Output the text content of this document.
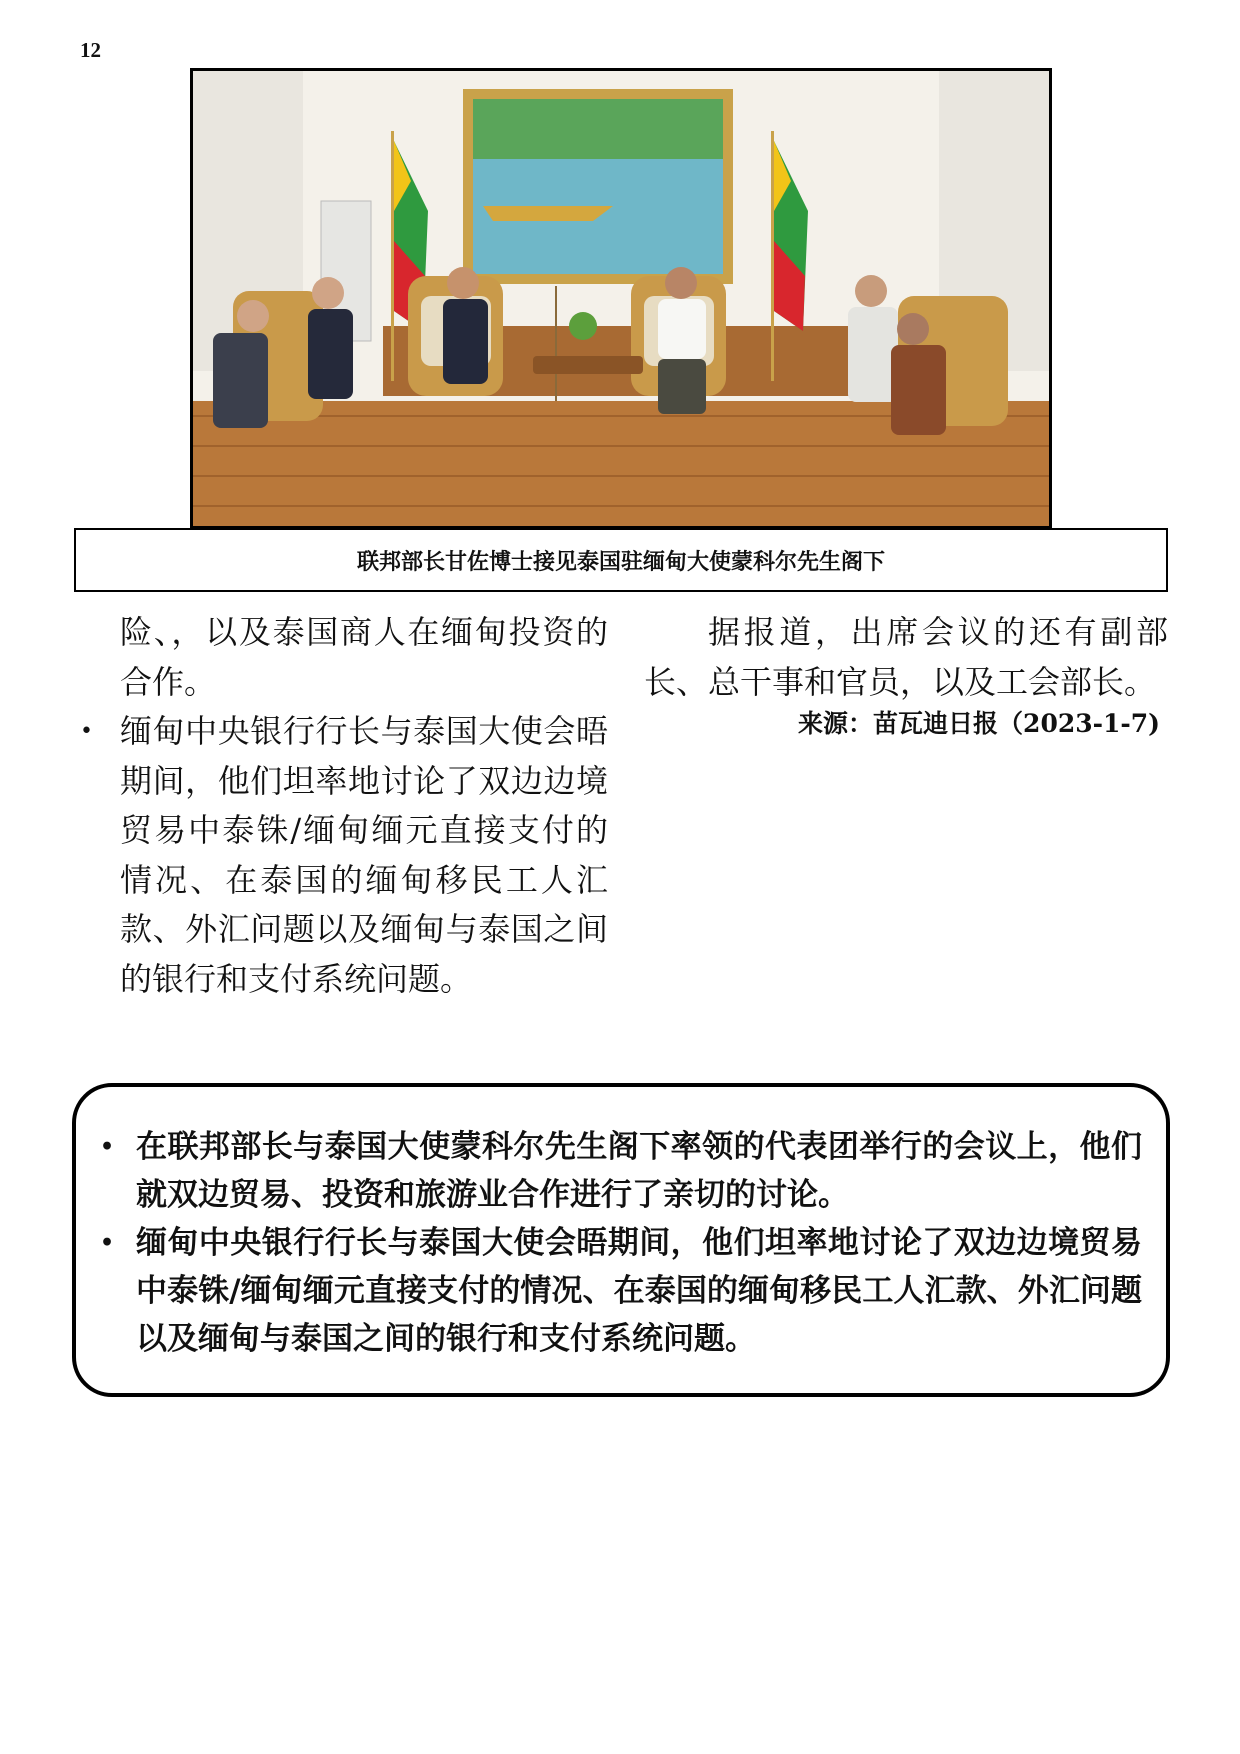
12
联邦部长甘佐博士接见泰国驻缅甸大使蒙科尔先生阁下

险、，以及泰国商人在缅甸投资的合作。

• 缅甸中央银行行长与泰国大使会晤期间，他们坦率地讨论了双边边境贸易中泰铢/缅甸缅元直接支付的情况、在泰国的缅甸移民工人汇款、外汇问题以及缅甸与泰国之间的银行和支付系统问题。

据报道，出席会议的还有副部长、总干事和官员，以及工会部长。

来源：苗瓦迪日报（2023-1-7)

• 在联邦部长与泰国大使蒙科尔先生阁下率领的代表团举行的会议上，他们就双边贸易、投资和旅游业合作进行了亲切的讨论。
• 缅甸中央银行行长与泰国大使会晤期间，他们坦率地讨论了双边边境贸易中泰铢/缅甸缅元直接支付的情况、在泰国的缅甸移民工人汇款、外汇问题以及缅甸与泰国之间的银行和支付系统问题。
